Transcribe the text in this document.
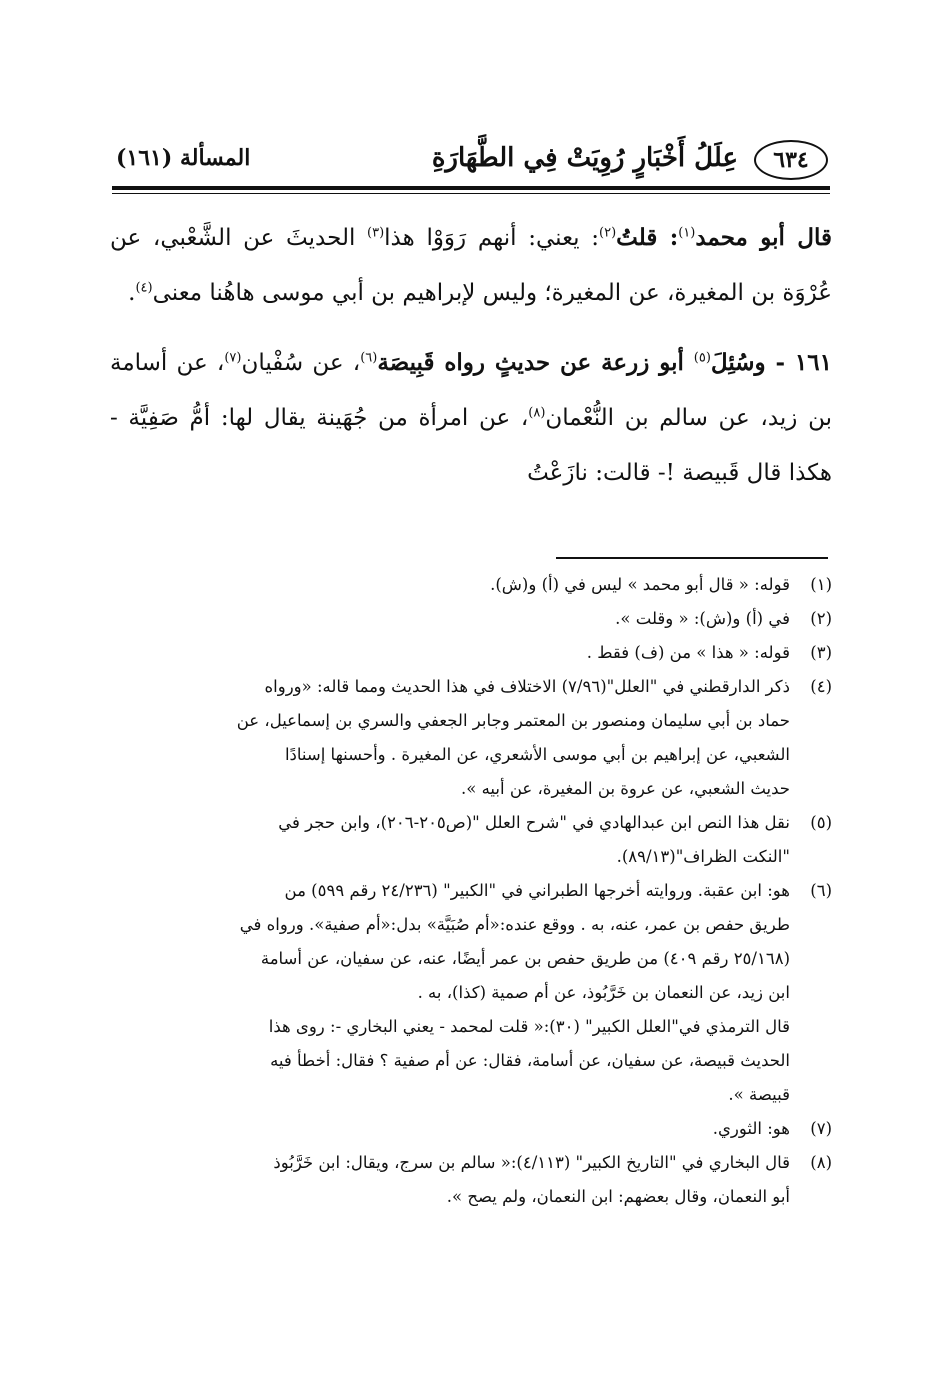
٦٣٤
عِلَلُ أَخْبَارٍ رُوِيَتْ فِي الطَّهَارَةِ
المسألة (١٦١)

قال أبو محمد$^{(١)}$: قلتُ$^{(٢)}$: يعني: أنهم رَوَوْا هذا$^{(٣)}$ الحديثَ عن الشَّعْبي، عن عُرْوَة بن المغيرة، عن المغيرة؛ وليس لإبراهيم بن أبي موسى هاهُنا معنى$^{(٤)}$.

١٦١ - وسُئِلَ$^{(٥)}$ أبو زرعة عن حديثٍ رواه قَبِيصَة$^{(٦)}$، عن سُفْيان$^{(٧)}$، عن أسامة بن زيد، عن سالم بن النُّعْمان$^{(٨)}$، عن امرأة من جُهَينة يقال لها: أمُّ صَفِيَّة - هكذا قال قَبيصة !- قالت: نازَعْتُ

(١)
قوله: « قال أبو محمد » ليس في (أ) و(ش).
(٢)
في (أ) و(ش): « وقلت ».
(٣)
قوله: « هذا » من (ف) فقط .
(٤)
ذكر الدارقطني في "العلل"(٧/٩٦) الاختلاف في هذا الحديث ومما قاله: «ورواه
حماد بن أبي سليمان ومنصور بن المعتمر وجابر الجعفي والسري بن إسماعيل، عن
الشعبي، عن إبراهيم بن أبي موسى الأشعري، عن المغيرة . وأحسنها إسنادًا
حديث الشعبي، عن عروة بن المغيرة، عن أبيه ».
(٥)
نقل هذا النص ابن عبدالهادي في "شرح العلل "(ص٢٠٥-٢٠٦)، وابن حجر في
"النكت الظراف"(٨٩/١٣).
(٦)
هو: ابن عقبة. وروايته أخرجها الطبراني في "الكبير" (٢٤/٢٣٦ رقم ٥٩٩) من
طريق حفص بن عمر، عنه، به . ووقع عنده:«أم صُبَيَّة» بدل:«أم صفية». ورواه في
(٢٥/١٦٨ رقم ٤٠٩) من طريق حفص بن عمر أيضًا، عنه، عن سفيان، عن أسامة
ابن زيد، عن النعمان بن خَرَّبُوذ، عن أم صمية (كذا)، به .
قال الترمذي في"العلل الكبير" (٣٠):« قلت لمحمد - يعني البخاري -: روى هذا
الحديث قبيصة، عن سفيان، عن أسامة، فقال: عن أم صفية ؟ فقال: أخطأ فيه
قبيصة ».
(٧)
هو: الثوري.
(٨)
قال البخاري في "التاريخ الكبير" (٤/١١٣):« سالم بن سرج، ويقال: ابن خَرَّبُوذ
أبو النعمان، وقال بعضهم: ابن النعمان، ولم يصح ».
